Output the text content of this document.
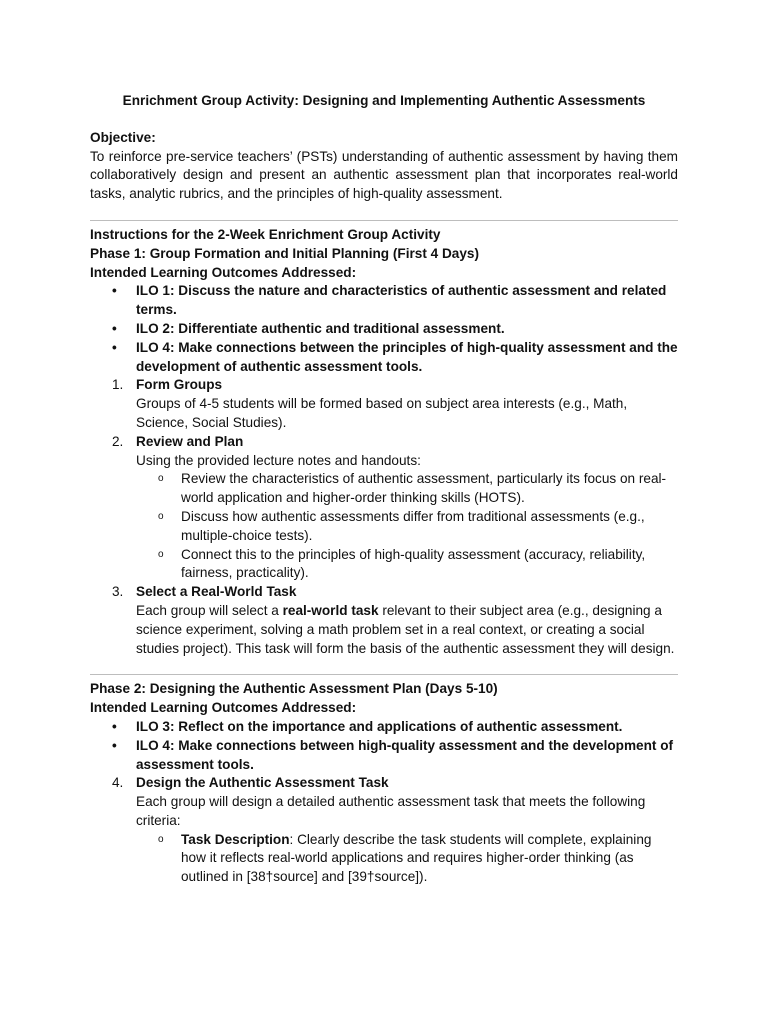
Enrichment Group Activity: Designing and Implementing Authentic Assessments

Objective:

To reinforce pre-service teachers’ (PSTs) understanding of authentic assessment by having them collaboratively design and present an authentic assessment plan that incorporates real-world tasks, analytic rubrics, and the principles of high-quality assessment.

Instructions for the 2-Week Enrichment Group Activity

Phase 1: Group Formation and Initial Planning (First 4 Days)

Intended Learning Outcomes Addressed:

• ILO 1: Discuss the nature and characteristics of authentic assessment and related terms.
• ILO 2: Differentiate authentic and traditional assessment.
• ILO 4: Make connections between the principles of high-quality assessment and the development of authentic assessment tools.
1. Form Groups
Groups of 4-5 students will be formed based on subject area interests (e.g., Math, Science, Social Studies).
2. Review and Plan
Using the provided lecture notes and handouts:
o Review the characteristics of authentic assessment, particularly its focus on real-world application and higher-order thinking skills (HOTS).
o Discuss how authentic assessments differ from traditional assessments (e.g., multiple-choice tests).
o Connect this to the principles of high-quality assessment (accuracy, reliability, fairness, practicality).
3. Select a Real-World Task
Each group will select a real-world task relevant to their subject area (e.g., designing a science experiment, solving a math problem set in a real context, or creating a social studies project). This task will form the basis of the authentic assessment they will design.

Phase 2: Designing the Authentic Assessment Plan (Days 5-10)

Intended Learning Outcomes Addressed:

• ILO 3: Reflect on the importance and applications of authentic assessment.
• ILO 4: Make connections between high-quality assessment and the development of assessment tools.
4. Design the Authentic Assessment Task
Each group will design a detailed authentic assessment task that meets the following criteria:
o Task Description: Clearly describe the task students will complete, explaining how it reflects real-world applications and requires higher-order thinking (as outlined in [38†source] and [39†source]).
